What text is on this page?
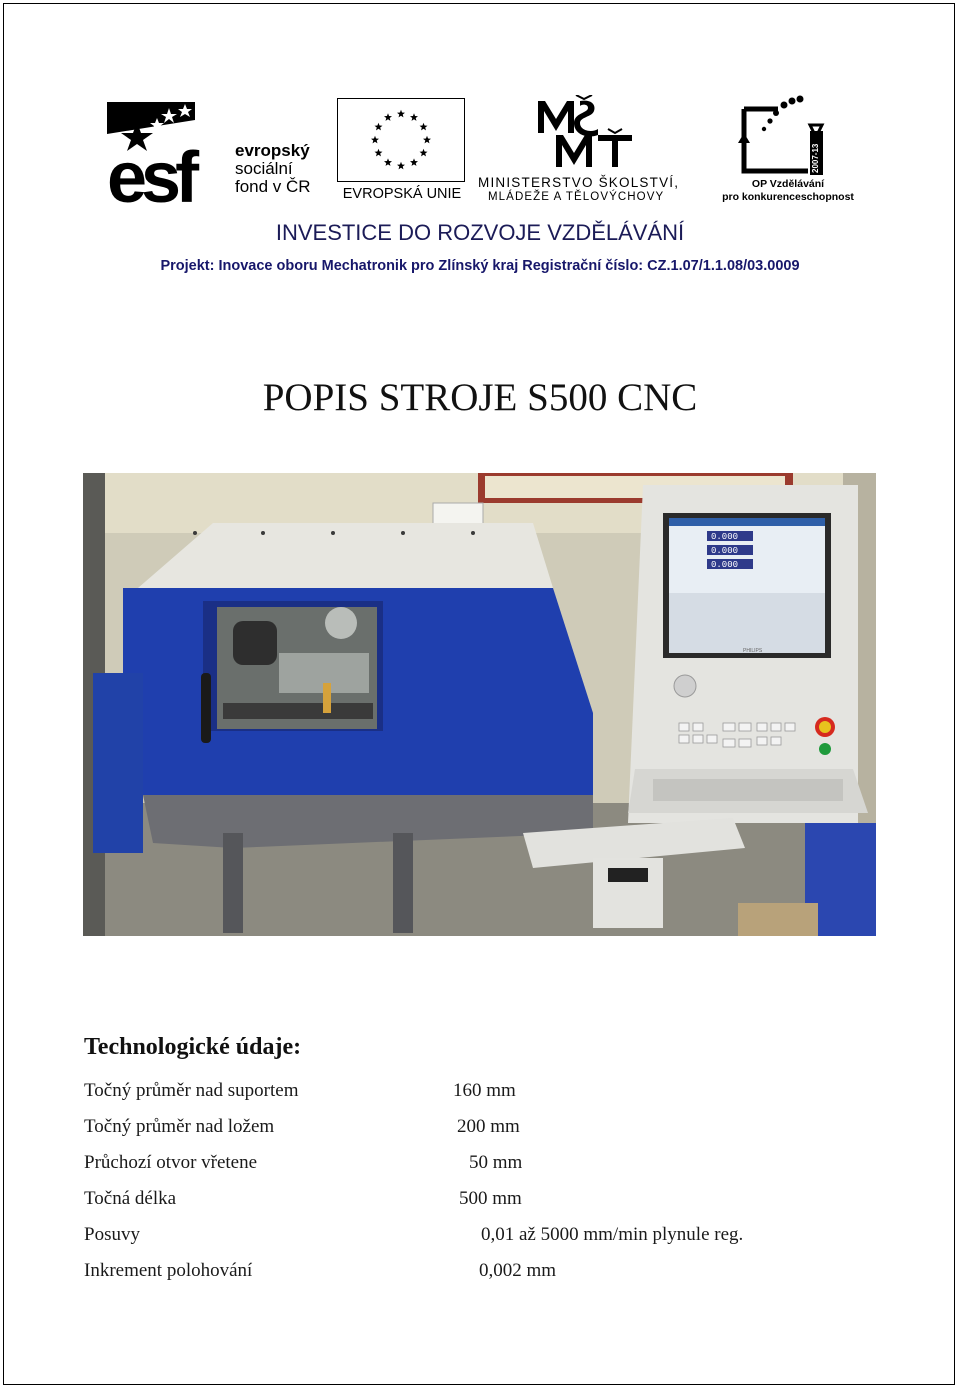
esf	evropský
sociální
fond v ČR	EVROPSKÁ UNIE
MINISTERSTVO ŠKOLSTVÍ,
MLÁDEŽE A TĚLOVÝCHOVY
2007-13
OP Vzdělávání
pro konkurenceschopnost
INVESTICE DO ROZVOJE VZDĚLÁVÁNÍ
Projekt: Inovace oboru Mechatronik pro Zlínský kraj Registrační číslo: CZ.1.07/1.1.08/03.0009
POPIS STROJE S500 CNC
0.000
0.000
0.000
PHILIPS
Technologické údaje:
Točný průměr nad suportem	160 mm
Točný průměr nad ložem	200 mm
Průchozí otvor vřetene	50 mm
Točná délka	500 mm
Posuvy	0,01 až 5000 mm/min plynule reg.
Inkrement polohování	0,002 mm
